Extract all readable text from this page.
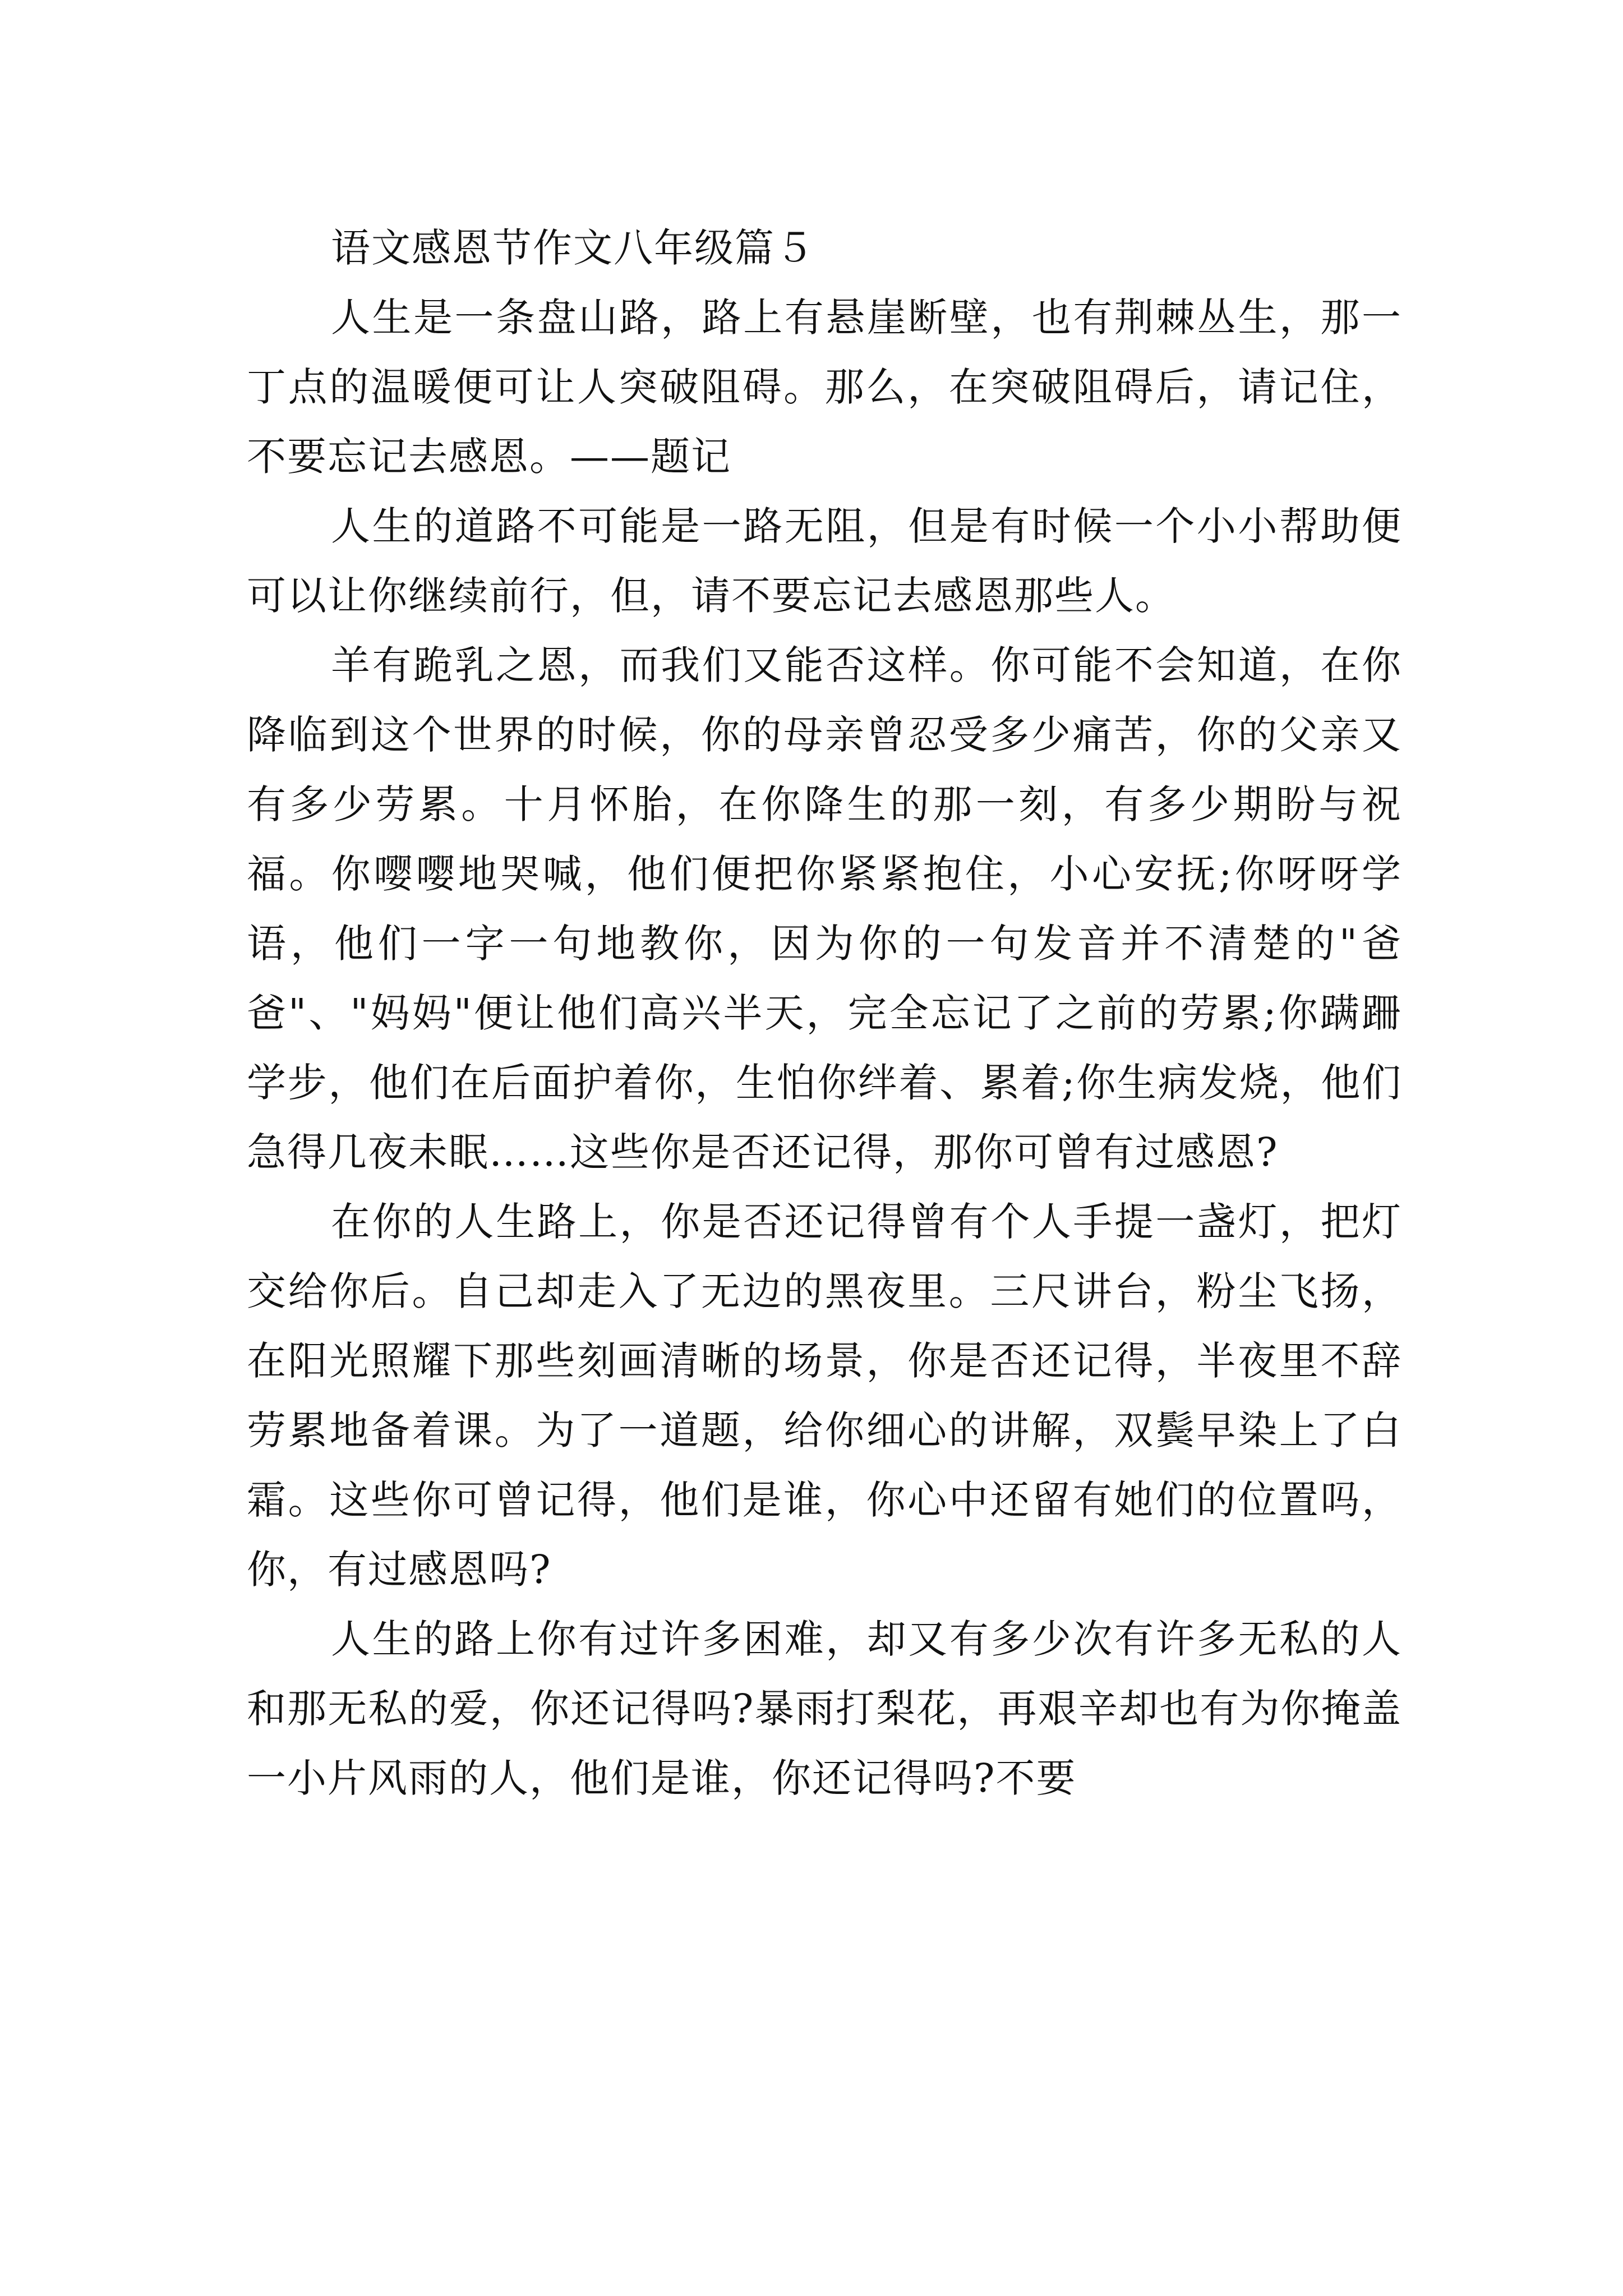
语文感恩节作文八年级篇５

人生是一条盘山路，路上有悬崖断壁，也有荆棘丛生，那一丁点的温暖便可让人突破阻碍。那么，在突破阻碍后，请记住，不要忘记去感恩。——题记

人生的道路不可能是一路无阻，但是有时候一个小小帮助便可以让你继续前行，但，请不要忘记去感恩那些人。

羊有跪乳之恩，而我们又能否这样。你可能不会知道，在你降临到这个世界的时候，你的母亲曾忍受多少痛苦，你的父亲又有多少劳累。十月怀胎，在你降生的那一刻，有多少期盼与祝福。你嘤嘤地哭喊，他们便把你紧紧抱住，小心安抚;你呀呀学语，他们一字一句地教你，因为你的一句发音并不清楚的"爸爸"、"妈妈"便让他们高兴半天，完全忘记了之前的劳累;你蹒跚学步，他们在后面护着你，生怕你绊着、累着;你生病发烧，他们急得几夜未眠……这些你是否还记得，那你可曾有过感恩?

在你的人生路上，你是否还记得曾有个人手提一盏灯，把灯交给你后。自己却走入了无边的黑夜里。三尺讲台，粉尘飞扬，在阳光照耀下那些刻画清晰的场景，你是否还记得，半夜里不辞劳累地备着课。为了一道题，给你细心的讲解，双鬓早染上了白霜。这些你可曾记得，他们是谁，你心中还留有她们的位置吗，你，有过感恩吗?

人生的路上你有过许多困难，却又有多少次有许多无私的人和那无私的爱，你还记得吗?暴雨打梨花，再艰辛却也有为你掩盖一小片风雨的人，他们是谁，你还记得吗?不要
